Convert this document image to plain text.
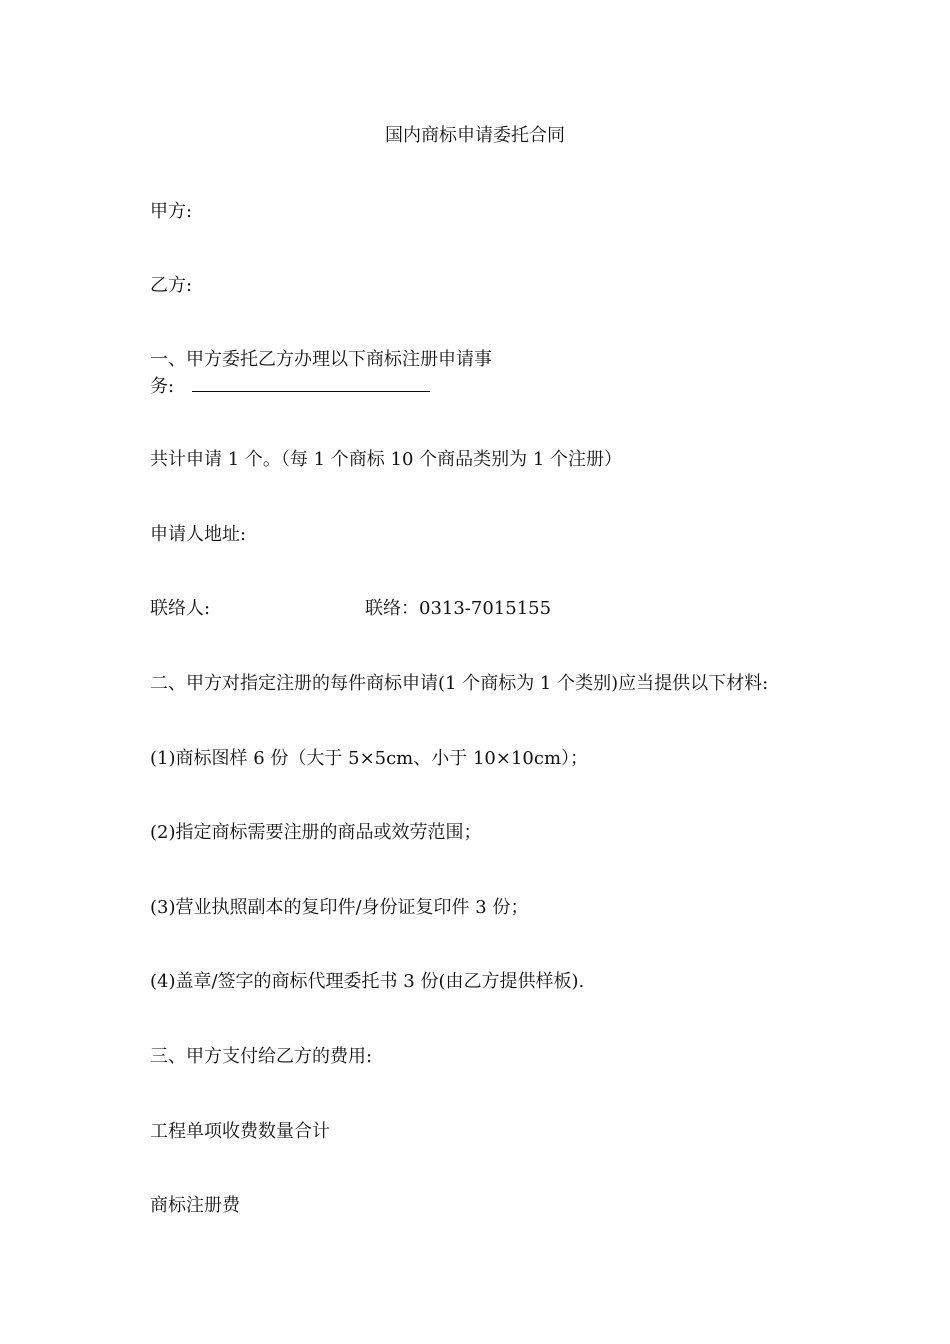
国内商标申请委托合同
甲方:
乙方:
一、甲方委托乙方办理以下商标注册申请事
务:
共计申请 1 个。（每 1 个商标 10 个商品类别为 1 个注册）
申请人地址:
联络人:	联络：0313-7015155
二、甲方对指定注册的每件商标申请(1 个商标为 1 个类别)应当提供以下材料:
(1)商标图样 6 份（大于 5×5cm、小于 10×10cm）；
(2)指定商标需要注册的商品或效劳范围；
(3)营业执照副本的复印件/身份证复印件 3 份；
(4)盖章/签字的商标代理委托书 3 份(由乙方提供样板).
三、甲方支付给乙方的费用:
工程单项收费数量合计
商标注册费
